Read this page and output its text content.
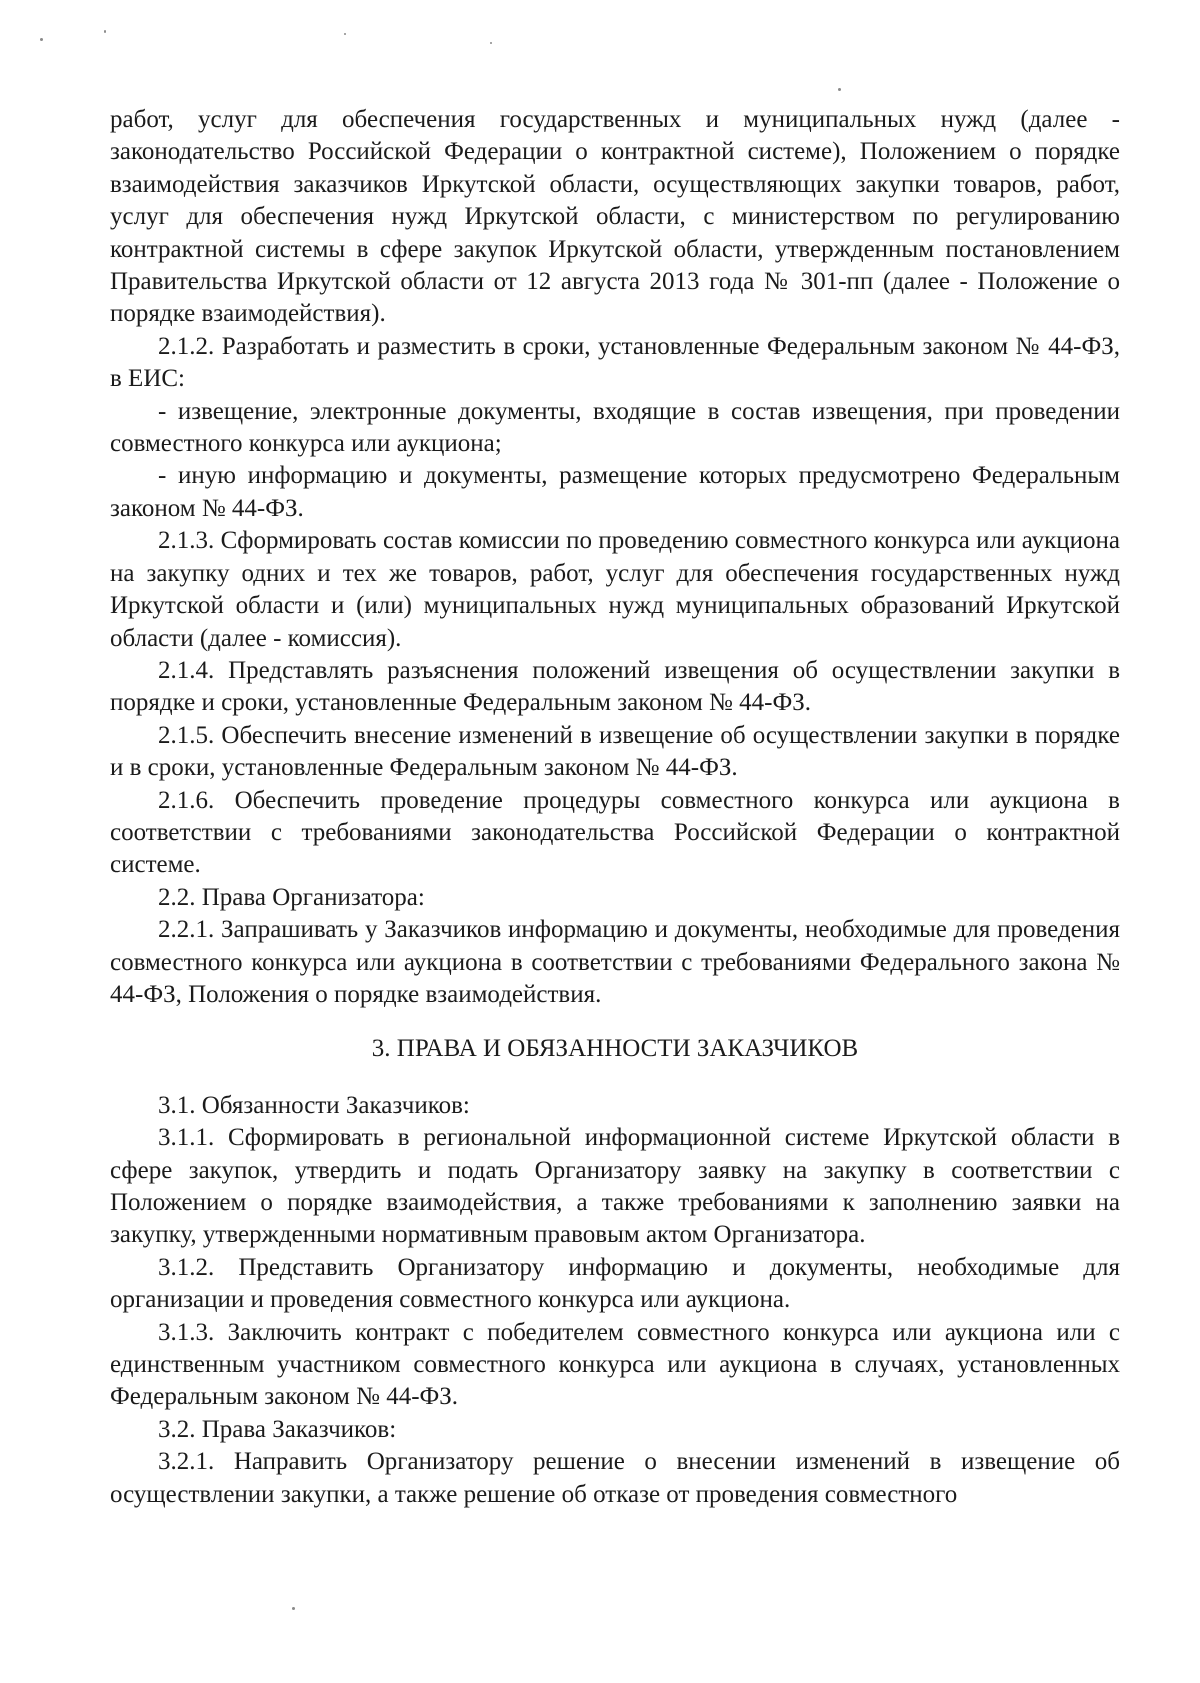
работ, услуг для обеспечения государственных и муниципальных нужд (далее - законодательство Российской Федерации о контрактной системе), Положением о порядке взаимодействия заказчиков Иркутской области, осуществляющих закупки товаров, работ, услуг для обеспечения нужд Иркутской области, с министерством по регулированию контрактной системы в сфере закупок Иркутской области, утвержденным постановлением Правительства Иркутской области от 12 августа 2013 года № 301-пп (далее - Положение о порядке взаимодействия).

2.1.2. Разработать и разместить в сроки, установленные Федеральным законом № 44-ФЗ, в ЕИС:

- извещение, электронные документы, входящие в состав извещения, при проведении совместного конкурса или аукциона;

- иную информацию и документы, размещение которых предусмотрено Федеральным законом № 44-ФЗ.

2.1.3. Сформировать состав комиссии по проведению совместного конкурса или аукциона на закупку одних и тех же товаров, работ, услуг для обеспечения государственных нужд Иркутской области и (или) муниципальных нужд муниципальных образований Иркутской области (далее - комиссия).

2.1.4. Представлять разъяснения положений извещения об осуществлении закупки в порядке и сроки, установленные Федеральным законом № 44-ФЗ.

2.1.5. Обеспечить внесение изменений в извещение об осуществлении закупки в порядке и в сроки, установленные Федеральным законом № 44-ФЗ.

2.1.6. Обеспечить проведение процедуры совместного конкурса или аукциона в соответствии с требованиями законодательства Российской Федерации о контрактной системе.

2.2. Права Организатора:

2.2.1. Запрашивать у Заказчиков информацию и документы, необходимые для проведения совместного конкурса или аукциона в соответствии с требованиями Федерального закона № 44-ФЗ, Положения о порядке взаимодействия.

3. ПРАВА И ОБЯЗАННОСТИ ЗАКАЗЧИКОВ

3.1. Обязанности Заказчиков:

3.1.1. Сформировать в региональной информационной системе Иркутской области в сфере закупок, утвердить и подать Организатору заявку на закупку в соответствии с Положением о порядке взаимодействия, а также требованиями к заполнению заявки на закупку, утвержденными нормативным правовым актом Организатора.

3.1.2. Представить Организатору информацию и документы, необходимые для организации и проведения совместного конкурса или аукциона.

3.1.3. Заключить контракт с победителем совместного конкурса или аукциона или с единственным участником совместного конкурса или аукциона в случаях, установленных Федеральным законом № 44-ФЗ.

3.2. Права Заказчиков:

3.2.1. Направить Организатору решение о внесении изменений в извещение об осуществлении закупки, а также решение об отказе от проведения совместного
